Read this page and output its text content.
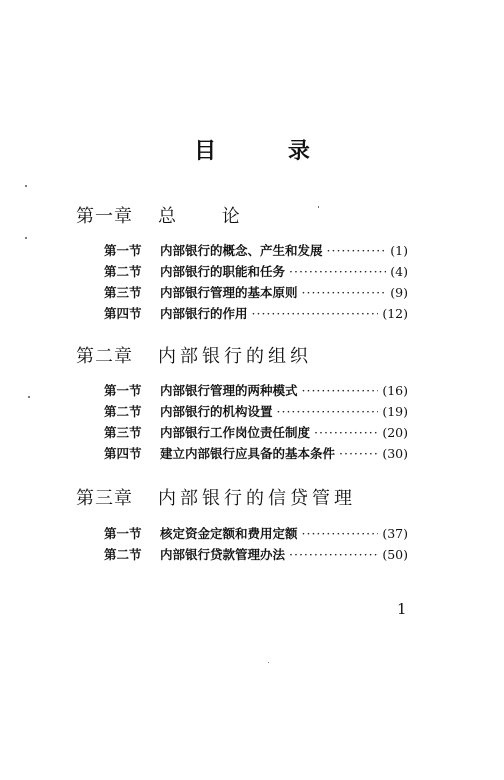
目 录
第一章 总 论
第一节	内部银行的概念、产生和发展 ·····	(1)
第二节	内部银行的职能和任务 ·····	(4)
第三节	内部银行管理的基本原则 ·····	(9)
第四节	内部银行的作用 ·····	(12)
第二章 内部银行的组织
第一节	内部银行管理的两种模式 ·····	(16)
第二节	内部银行的机构设置 ·····	(19)
第三节	内部银行工作岗位责任制度 ·····	(20)
第四节	建立内部银行应具备的基本条件 ·····	(30)
第三章 内部银行的信贷管理
第一节	核定资金定额和费用定额 ·····	(37)
第二节	内部银行贷款管理办法 ·····	(50)
1
